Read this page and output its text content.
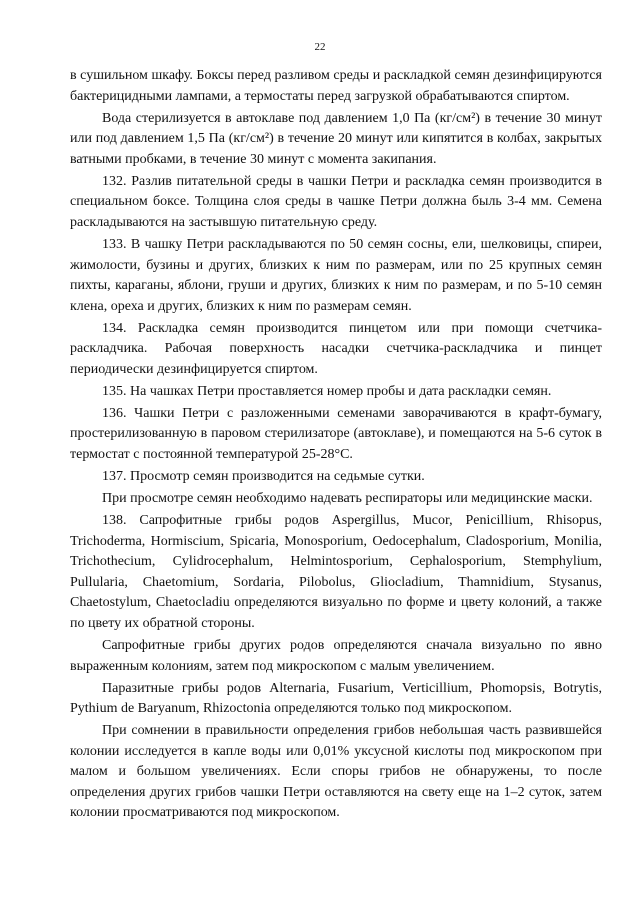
22

в сушильном шкафу. Боксы перед разливом среды и раскладкой семян дезинфицируются бактерицидными лампами, а термостаты перед загрузкой обрабатываются спиртом.

Вода стерилизуется в автоклаве под давлением 1,0 Па (кг/см²) в течение 30 минут или под давлением 1,5 Па (кг/см²) в течение 20 минут или кипятится в колбах, закрытых ватными пробками, в течение 30 минут с момента закипания.

132. Разлив питательной среды в чашки Петри и раскладка семян производится в специальном боксе. Толщина слоя среды в чашке Петри должна быль 3-4 мм. Семена раскладываются на застывшую питательную среду.

133. В чашку Петри раскладываются по 50 семян сосны, ели, шелковицы, спиреи, жимолости, бузины и других, близких к ним по размерам, или по 25 крупных семян пихты, караганы, яблони, груши и других, близких к ним по размерам, и по 5-10 семян клена, ореха и других, близких к ним по размерам семян.

134. Раскладка семян производится пинцетом или при помощи счетчика-раскладчика. Рабочая поверхность насадки счетчика-раскладчика и пинцет периодически дезинфицируется спиртом.

135. На чашках Петри проставляется номер пробы и дата раскладки семян.

136. Чашки Петри с разложенными семенами заворачиваются в крафт-бумагу, простерилизованную в паровом стерилизаторе (автоклаве), и помещаются на 5-6 суток в термостат с постоянной температурой 25-28°С.

137. Просмотр семян производится на седьмые сутки.

При просмотре семян необходимо надевать респираторы или медицинские маски.

138. Сапрофитные грибы родов Aspergillus, Mucor, Penicillium, Rhisopus, Trichoderma, Hormiscium, Spicaria, Monosporium, Oedocephalum, Cladosporium, Monilia, Trichothecium, Cylidrocephalum, Helmintosporium, Cephalosporium, Stemphylium, Pullularia, Chaetomium, Sordaria, Pilobolus, Gliocladium, Thamnidium, Stysanus, Chaetostylum, Chaetocladiu определяются визуально по форме и цвету колоний, а также по цвету их обратной стороны.

Сапрофитные грибы других родов определяются сначала визуально по явно выраженным колониям, затем под микроскопом с малым увеличением.

Паразитные грибы родов Alternaria, Fusarium, Verticillium, Phomopsis, Botrytis, Pythium de Baryanum, Rhizoctonia определяются только под микроскопом.

При сомнении в правильности определения грибов небольшая часть развившейся колонии исследуется в капле воды или 0,01% уксусной кислоты под микроскопом при малом и большом увеличениях. Если споры грибов не обнаружены, то после определения других грибов чашки Петри оставляются на свету еще на 1–2 суток, затем колонии просматриваются под микроскопом.
